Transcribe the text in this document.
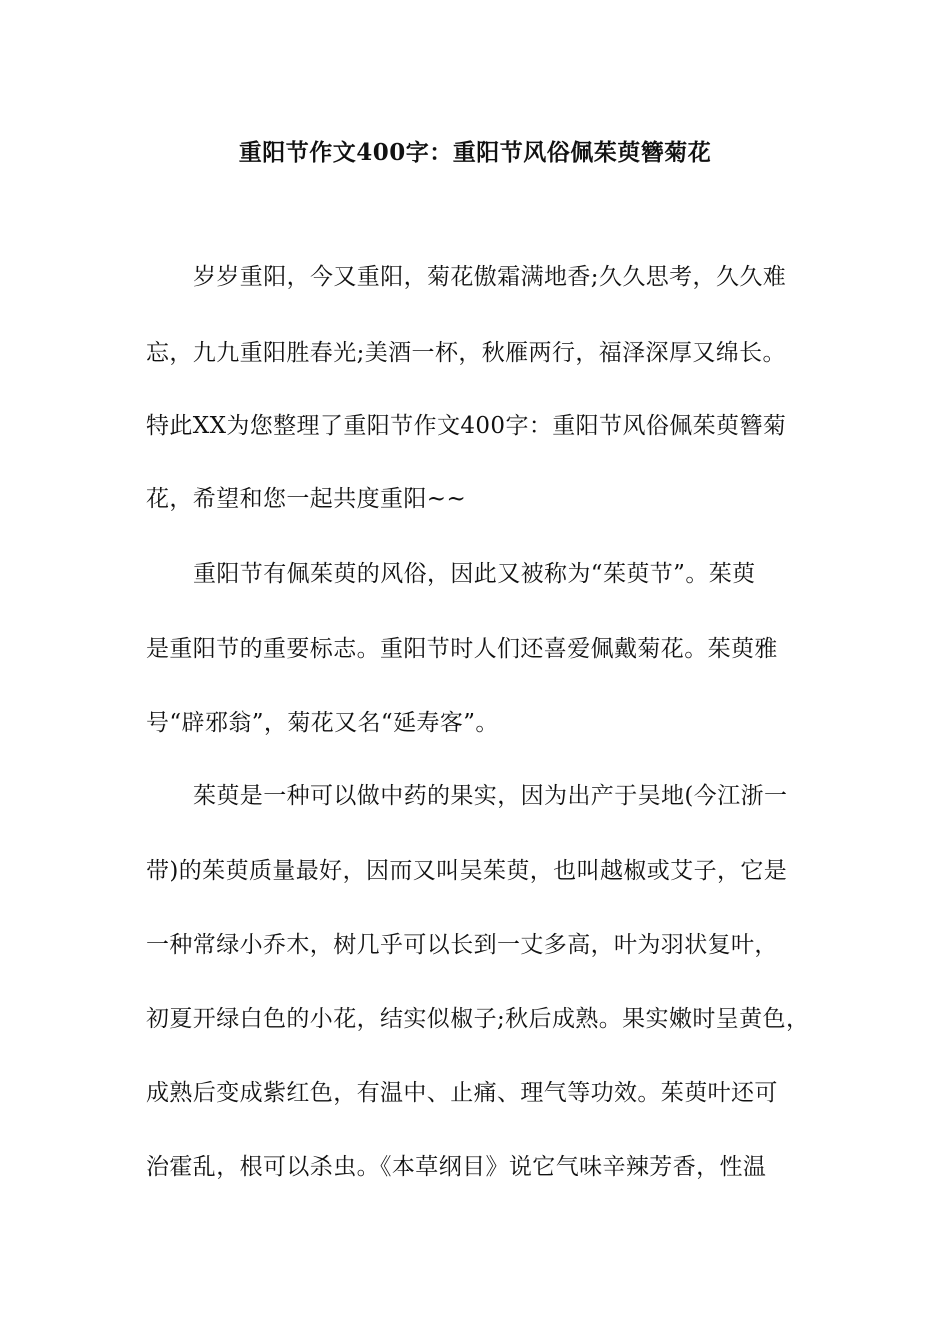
重阳节作文400字：重阳节风俗佩茱萸簪菊花
岁岁重阳，今又重阳，菊花傲霜满地香;久久思考，久久难
忘，九九重阳胜春光;美酒一杯，秋雁两行，福泽深厚又绵长。
特此XX为您整理了重阳节作文400字：重阳节风俗佩茱萸簪菊
花，希望和您一起共度重阳~~
重阳节有佩茱萸的风俗，因此又被称为“茱萸节”。茱萸
是重阳节的重要标志。重阳节时人们还喜爱佩戴菊花。茱萸雅
号“辟邪翁”，菊花又名“延寿客”。
茱萸是一种可以做中药的果实，因为出产于吴地(今江浙一
带)的茱萸质量最好，因而又叫吴茱萸，也叫越椒或艾子，它是
一种常绿小乔木，树几乎可以长到一丈多高，叶为羽状复叶，
初夏开绿白色的小花，结实似椒子;秋后成熟。果实嫩时呈黄色，
成熟后变成紫红色，有温中、止痛、理气等功效。茱萸叶还可
治霍乱，根可以杀虫。《本草纲目》说它气味辛辣芳香，性温
